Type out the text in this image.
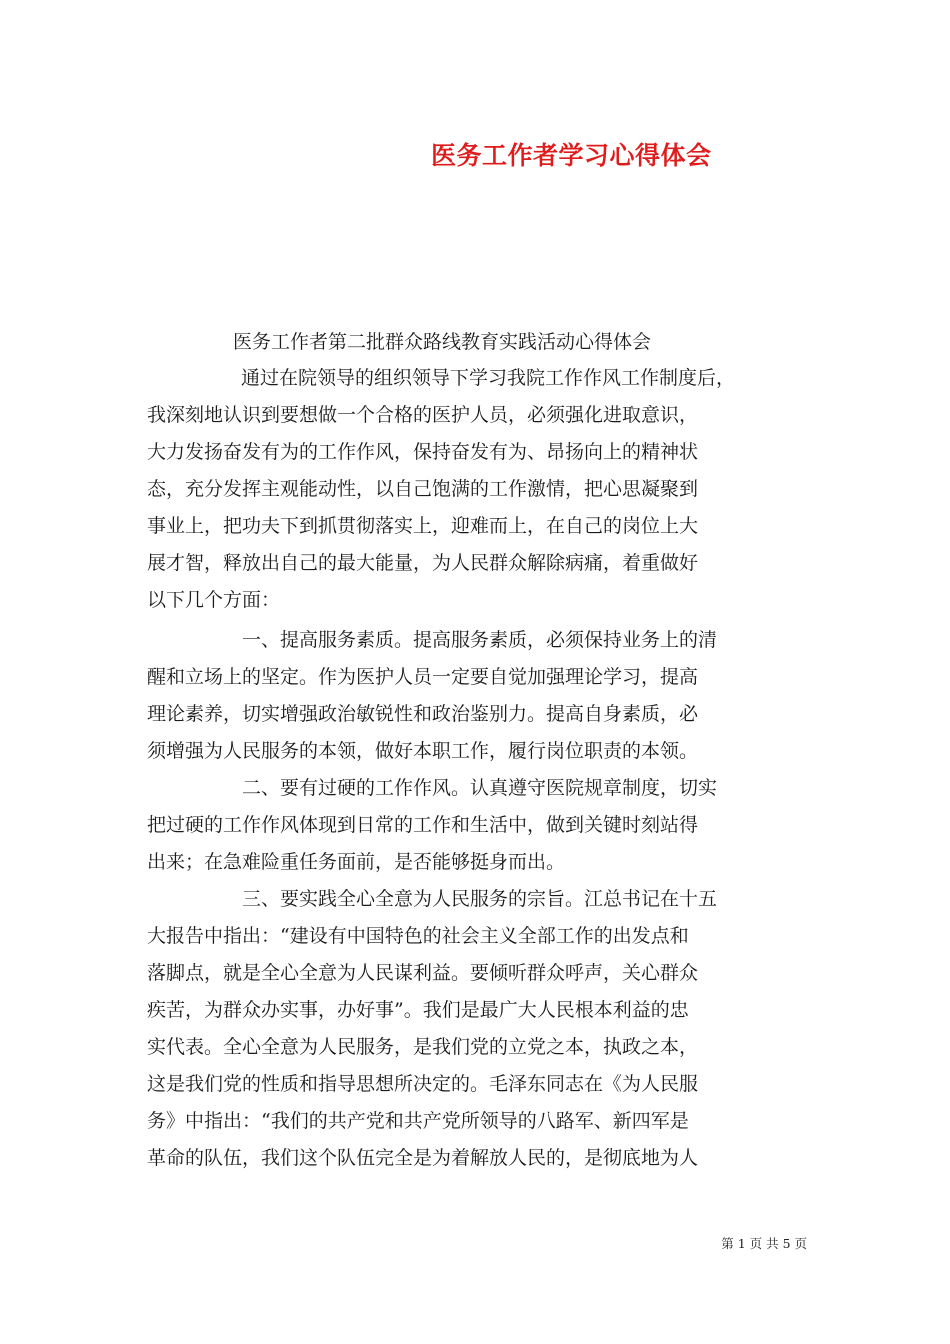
医务工作者学习心得体会
医务工作者第二批群众路线教育实践活动心得体会
通过在院领导的组织领导下学习我院工作作风工作制度后，
我深刻地认识到要想做一个合格的医护人员，必须强化进取意识，
大力发扬奋发有为的工作作风，保持奋发有为、昂扬向上的精神状
态，充分发挥主观能动性，以自己饱满的工作激情，把心思凝聚到
事业上，把功夫下到抓贯彻落实上，迎难而上，在自己的岗位上大
展才智，释放出自己的最大能量，为人民群众解除病痛，着重做好
以下几个方面：
一、提高服务素质。提高服务素质，必须保持业务上的清
醒和立场上的坚定。作为医护人员一定要自觉加强理论学习，提高
理论素养，切实增强政治敏锐性和政治鉴别力。提高自身素质，必
须增强为人民服务的本领，做好本职工作，履行岗位职责的本领。
二、要有过硬的工作作风。认真遵守医院规章制度，切实
把过硬的工作作风体现到日常的工作和生活中，做到关键时刻站得
出来；在急难险重任务面前，是否能够挺身而出。
三、要实践全心全意为人民服务的宗旨。江总书记在十五
大报告中指出：“建设有中国特色的社会主义全部工作的出发点和
落脚点，就是全心全意为人民谋利益。要倾听群众呼声，关心群众
疾苦，为群众办实事，办好事”。我们是最广大人民根本利益的忠
实代表。全心全意为人民服务，是我们党的立党之本，执政之本，
这是我们党的性质和指导思想所决定的。毛泽东同志在《为人民服
务》中指出：“我们的共产党和共产党所领导的八路军、新四军是
革命的队伍，我们这个队伍完全是为着解放人民的，是彻底地为人
第 1 页 共 5 页
